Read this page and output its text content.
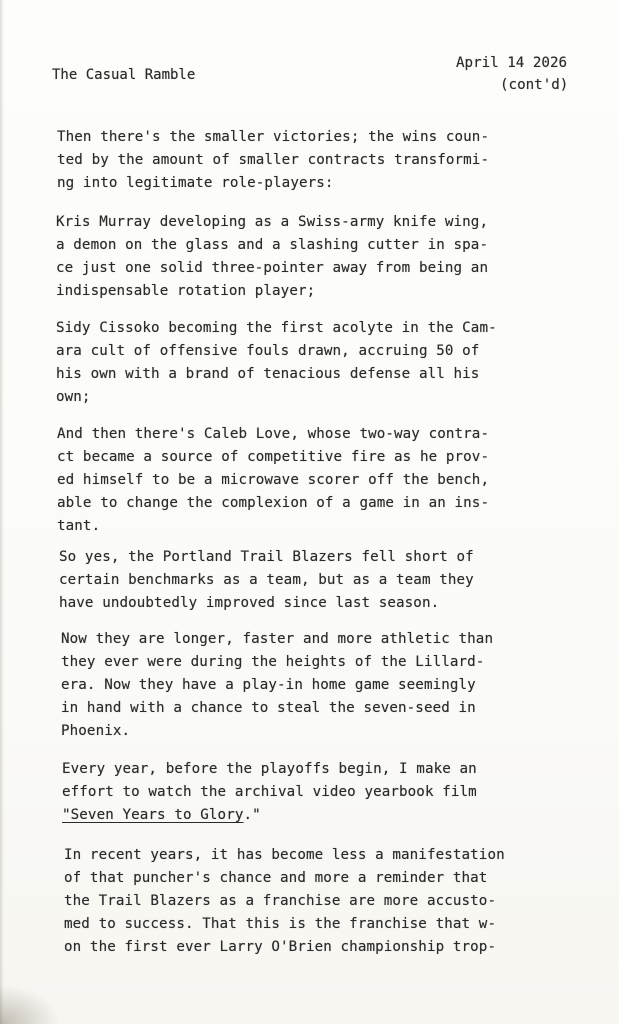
The Casual Ramble
April 14 2026
(cont'd)
Then there's the smaller victories; the wins coun-
ted by the amount of smaller contracts transformi-
ng into legitimate role-players:
Kris Murray developing as a Swiss-army knife wing,
a demon on the glass and a slashing cutter in spa-
ce just one solid three-pointer away from being an
indispensable rotation player;
Sidy Cissoko becoming the first acolyte in the Cam-
ara cult of offensive fouls drawn, accruing 50 of
his own with a brand of tenacious defense all his
own;
And then there's Caleb Love, whose two-way contra-
ct became a source of competitive fire as he prov-
ed himself to be a microwave scorer off the bench,
able to change the complexion of a game in an ins-
tant.
So yes, the Portland Trail Blazers fell short of
certain benchmarks as a team, but as a team they
have undoubtedly improved since last season.
Now they are longer, faster and more athletic than
they ever were during the heights of the Lillard-
era. Now they have a play-in home game seemingly
in hand with a chance to steal the seven-seed in
Phoenix.
Every year, before the playoffs begin, I make an
effort to watch the archival video yearbook film
"Seven Years to Glory."
In recent years, it has become less a manifestation
of that puncher's chance and more a reminder that
the Trail Blazers as a franchise are more accusto-
med to success. That this is the franchise that w-
on the first ever Larry O'Brien championship trop-
